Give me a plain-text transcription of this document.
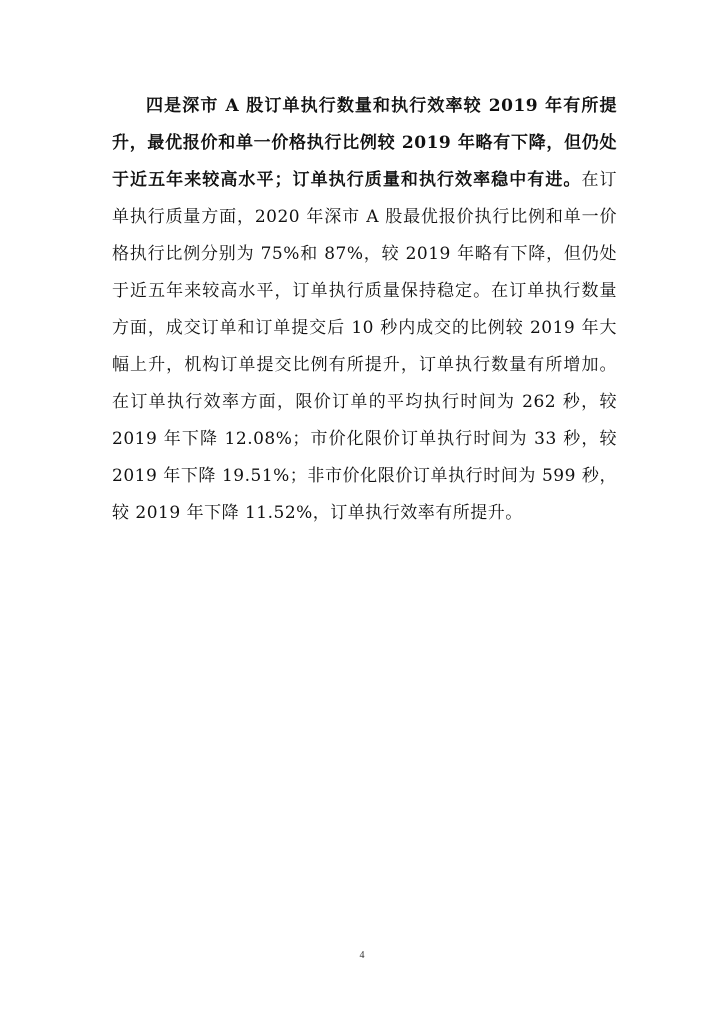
四是深市 A 股订单执行数量和执行效率较 2019 年有所提升，最优报价和单一价格执行比例较 2019 年略有下降，但仍处于近五年来较高水平；订单执行质量和执行效率稳中有进。在订单执行质量方面，2020 年深市 A 股最优报价执行比例和单一价格执行比例分别为 75%和 87%，较 2019 年略有下降，但仍处于近五年来较高水平，订单执行质量保持稳定。在订单执行数量方面，成交订单和订单提交后 10 秒内成交的比例较 2019 年大幅上升，机构订单提交比例有所提升，订单执行数量有所增加。在订单执行效率方面，限价订单的平均执行时间为 262 秒，较 2019 年下降 12.08%；市价化限价订单执行时间为 33 秒，较 2019 年下降 19.51%；非市价化限价订单执行时间为 599 秒，较 2019 年下降 11.52%，订单执行效率有所提升。

4
